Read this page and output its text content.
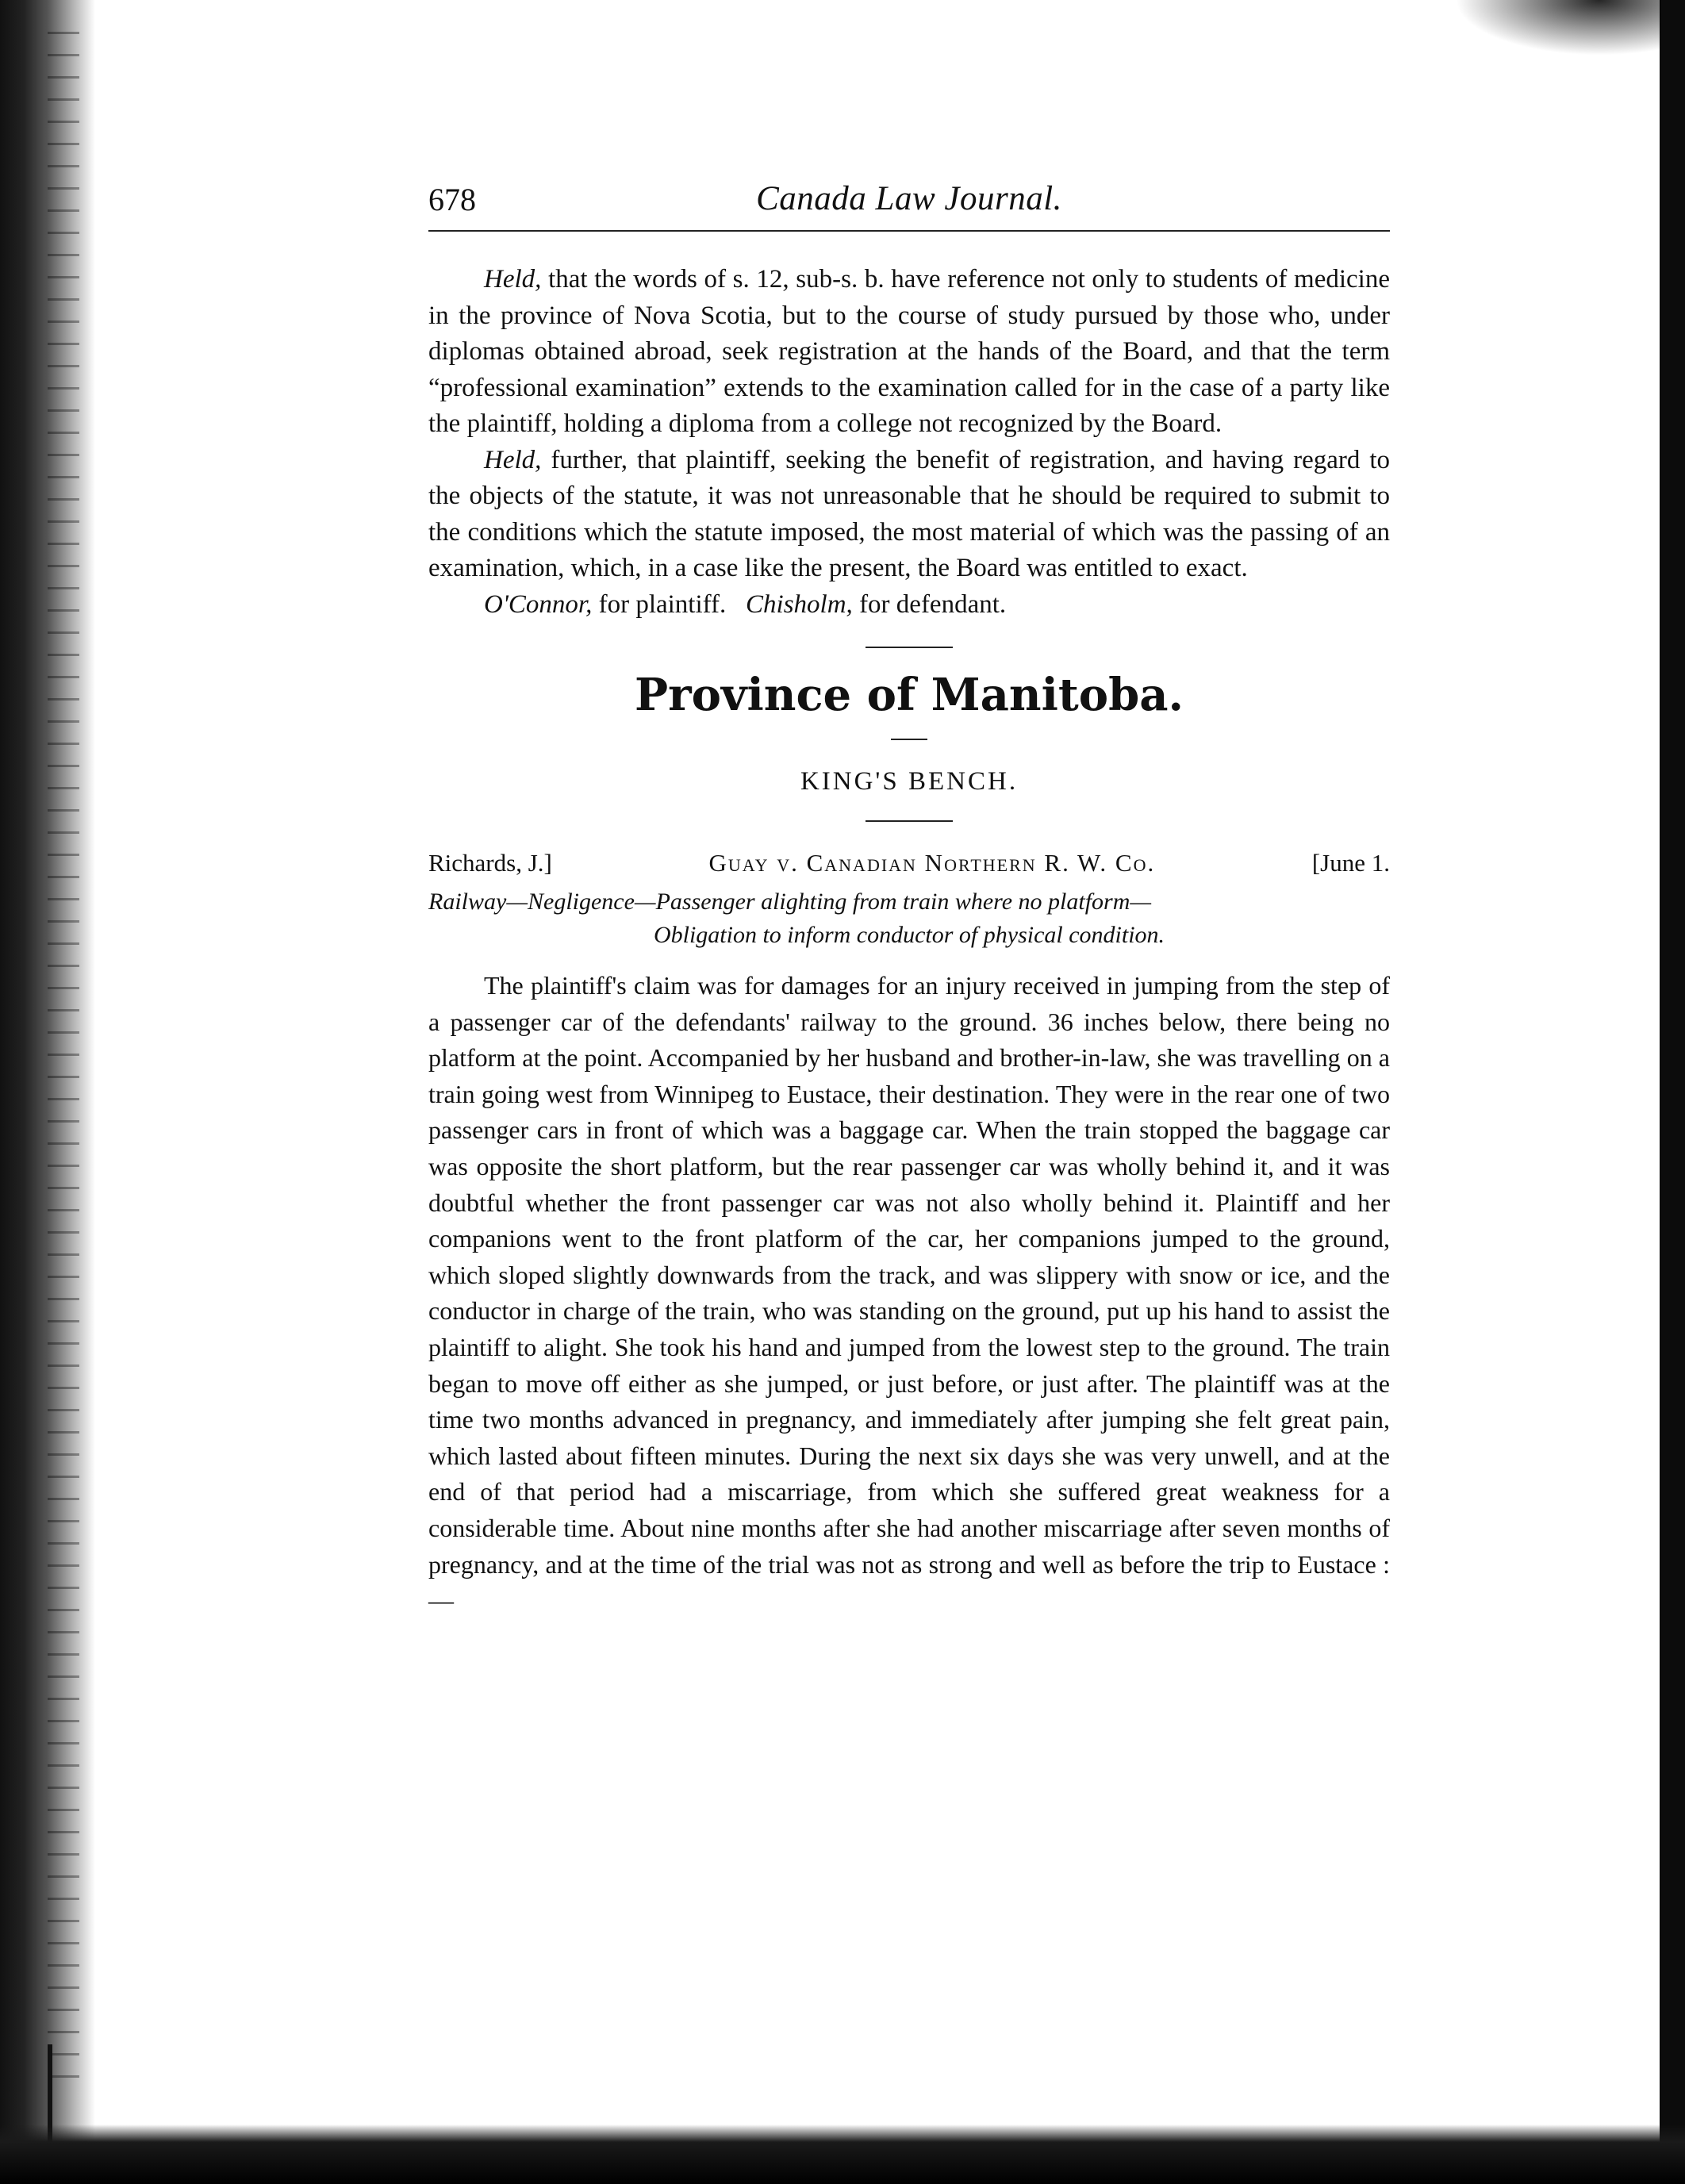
678	Canada Law Journal.

Held, that the words of s. 12, sub-s. b. have reference not only to students of medicine in the province of Nova Scotia, but to the course of study pursued by those who, under diplomas obtained abroad, seek registration at the hands of the Board, and that the term “professional examination” extends to the examination called for in the case of a party like the plaintiff, holding a diploma from a college not recognized by the Board.

Held, further, that plaintiff, seeking the benefit of registration, and having regard to the objects of the statute, it was not unreasonable that he should be required to submit to the conditions which the statute imposed, the most material of which was the passing of an examination, which, in a case like the present, the Board was entitled to exact.

O'Connor, for plaintiff. Chisholm, for defendant.

Province of Manitoba.
KING'S BENCH.
Richards, J.]	Guay v. Canadian Northern R. W. Co.	[June 1.
Railway—Negligence—Passenger alighting from train where no platform—
Obligation to inform conductor of physical condition.

The plaintiff's claim was for damages for an injury received in jumping from the step of a passenger car of the defendants' railway to the ground. 36 inches below, there being no platform at the point. Accompanied by her husband and brother-in-law, she was travelling on a train going west from Winnipeg to Eustace, their destination. They were in the rear one of two passenger cars in front of which was a baggage car. When the train stopped the baggage car was opposite the short platform, but the rear passenger car was wholly behind it, and it was doubtful whether the front passenger car was not also wholly behind it. Plaintiff and her companions went to the front platform of the car, her companions jumped to the ground, which sloped slightly downwards from the track, and was slippery with snow or ice, and the conductor in charge of the train, who was standing on the ground, put up his hand to assist the plaintiff to alight. She took his hand and jumped from the lowest step to the ground. The train began to move off either as she jumped, or just before, or just after. The plaintiff was at the time two months advanced in pregnancy, and immediately after jumping she felt great pain, which lasted about fifteen minutes. During the next six days she was very unwell, and at the end of that period had a miscarriage, from which she suffered great weakness for a considerable time. About nine months after she had another miscarriage after seven months of pregnancy, and at the time of the trial was not as strong and well as before the trip to Eustace :—
